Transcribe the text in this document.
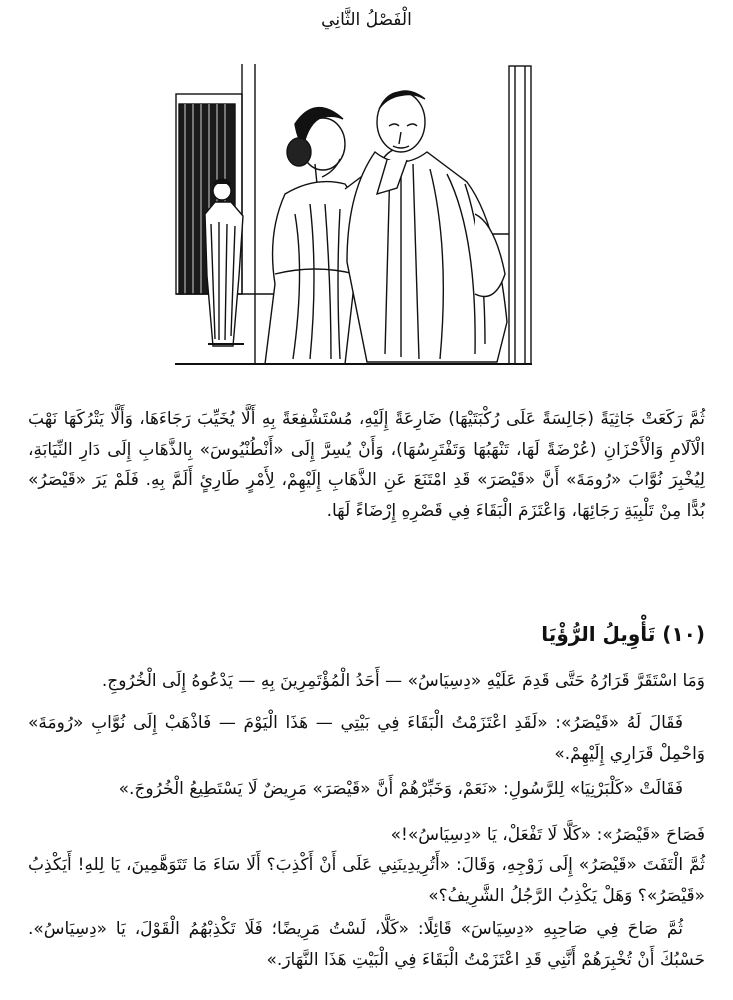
الْفَصْلُ الثَّانِي

ثُمَّ رَكَعَتْ جَاثِيَةً (جَالِسَةً عَلَى رُكْبَتَيْهَا) ضَارِعَةً إِلَيْهِ، مُسْتَشْفِعَةً بِهِ أَلَّا يُخَيِّبَ رَجَاءَهَا، وَأَلَّا يَتْرُكَهَا نَهْبَ الْآلَامِ وَالْأَحْزَانِ (عُرْضَةً لَهَا، تَنْهَبُهَا وَتَفْتَرِسُهَا)، وَأَنْ يُسِرَّ إِلَى «أَنْطُنْيُوسَ» بِالذَّهَابِ إِلَى دَارِ النِّيَابَةِ، لِيُخْبِرَ نُوَّابَ «رُومَةَ» أَنَّ «قَيْصَرَ» قَدِ امْتَنَعَ عَنِ الذَّهَابِ إِلَيْهِمْ، لِأَمْرٍ طَارِئٍ أَلَمَّ بِهِ. فَلَمْ يَرَ «قَيْصَرُ» بُدًّا مِنْ تَلْبِيَةِ رَجَائِهَا، وَاعْتَزَمَ الْبَقَاءَ فِي قَصْرِهِ إِرْضَاءً لَهَا.

(١٠) تَأْوِيلُ الرُّؤْيَا

وَمَا اسْتَقَرَّ قَرَارُهُ حَتَّى قَدِمَ عَلَيْهِ «دِسِيَاسُ» — أَحَدُ الْمُؤْتَمِرِينَ بِهِ — يَدْعُوهُ إِلَى الْخُرُوجِ.

فَقَالَ لَهُ «قَيْصَرُ»: «لَقَدِ اعْتَزَمْتُ الْبَقَاءَ فِي بَيْتِي — هَذَا الْيَوْمَ — فَاذْهَبْ إِلَى نُوَّابِ «رُومَةَ» وَاحْمِلْ قَرَارِي إِلَيْهِمْ.»

فَقَالَتْ «كَلْبَرْنِيَا» لِلرَّسُولِ: «نَعَمْ، وَخَبِّرْهُمْ أَنَّ «قَيْصَرَ» مَرِيضٌ لَا يَسْتَطِيعُ الْخُرُوجَ.»

فَصَاحَ «قَيْصَرُ»: «كَلَّا لَا تَفْعَلْ، يَا «دِسِيَاسُ»!»

ثُمَّ الْتَفَتَ «قَيْصَرُ» إِلَى زَوْجِهِ، وَقَالَ: «أَتُرِيدِينَنِي عَلَى أَنْ أَكْذِبَ؟ أَلَا سَاءَ مَا تَتَوَهَّمِينَ، يَا لِلهِ! أَيَكْذِبُ «قَيْصَرُ»؟ وَهَلْ يَكْذِبُ الرَّجُلُ الشَّرِيفُ؟»

ثُمَّ صَاحَ فِي صَاحِبِهِ «دِسِيَاسَ» قَائِلًا: «كَلَّا، لَسْتُ مَرِيضًا؛ فَلَا تَكْذِبْهُمُ الْقَوْلَ، يَا «دِسِيَاسُ». حَسْبُكَ أَنْ تُخْبِرَهُمْ أَنَّنِي قَدِ اعْتَزَمْتُ الْبَقَاءَ فِي الْبَيْتِ هَذَا النَّهَارَ.»
